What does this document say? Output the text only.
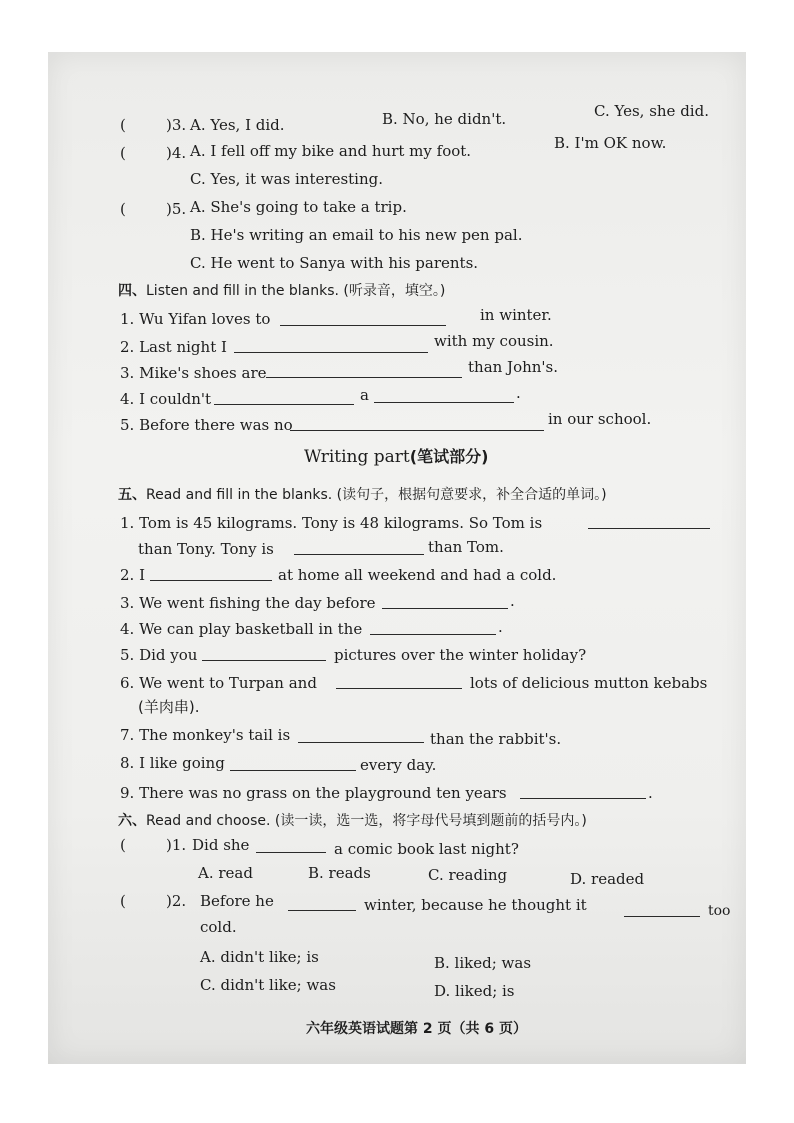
(	)3. A. Yes, I did.	B. No, he didn't.	C. Yes, she did.
(	)4. A. I fell off my bike and hurt my foot.	B. I'm OK now.
C. Yes, it was interesting.
(	)5. A. She's going to take a trip.
B. He's writing an email to his new pen pal.
C. He went to Sanya with his parents.
四、Listen and fill in the blanks. (听录音，填空。)
1. Wu Yifan loves to	in winter.
2. Last night I	with my cousin.
3. Mike's shoes are	than John's.
4. I couldn't	a	.
5. Before there was no	in our school.
Writing part(笔试部分)
五、Read and fill in the blanks. (读句子，根据句意要求，补全合适的单词。)
1. Tom is 45 kilograms. Tony is 48 kilograms. So Tom is
than Tony. Tony is	than Tom.
2. I	at home all weekend and had a cold.
3. We went fishing the day before	.
4. We can play basketball in the	.
5. Did you	pictures over the winter holiday?
6. We went to Turpan and	lots of delicious mutton kebabs
(羊肉串).
7. The monkey's tail is	than the rabbit's.
8. I like going	every day.
9. There was no grass on the playground ten years	.
六、Read and choose. (读一读，选一选，将字母代号填到题前的括号内。)
(	)1. Did she	a comic book last night?
A. read	B. reads	C. reading	D. readed
(	)2. Before he	winter, because he thought it	too
cold.
A. didn't like; is	B. liked; was
C. didn't like; was	D. liked; is
六年级英语试题第 2 页（共 6 页）
